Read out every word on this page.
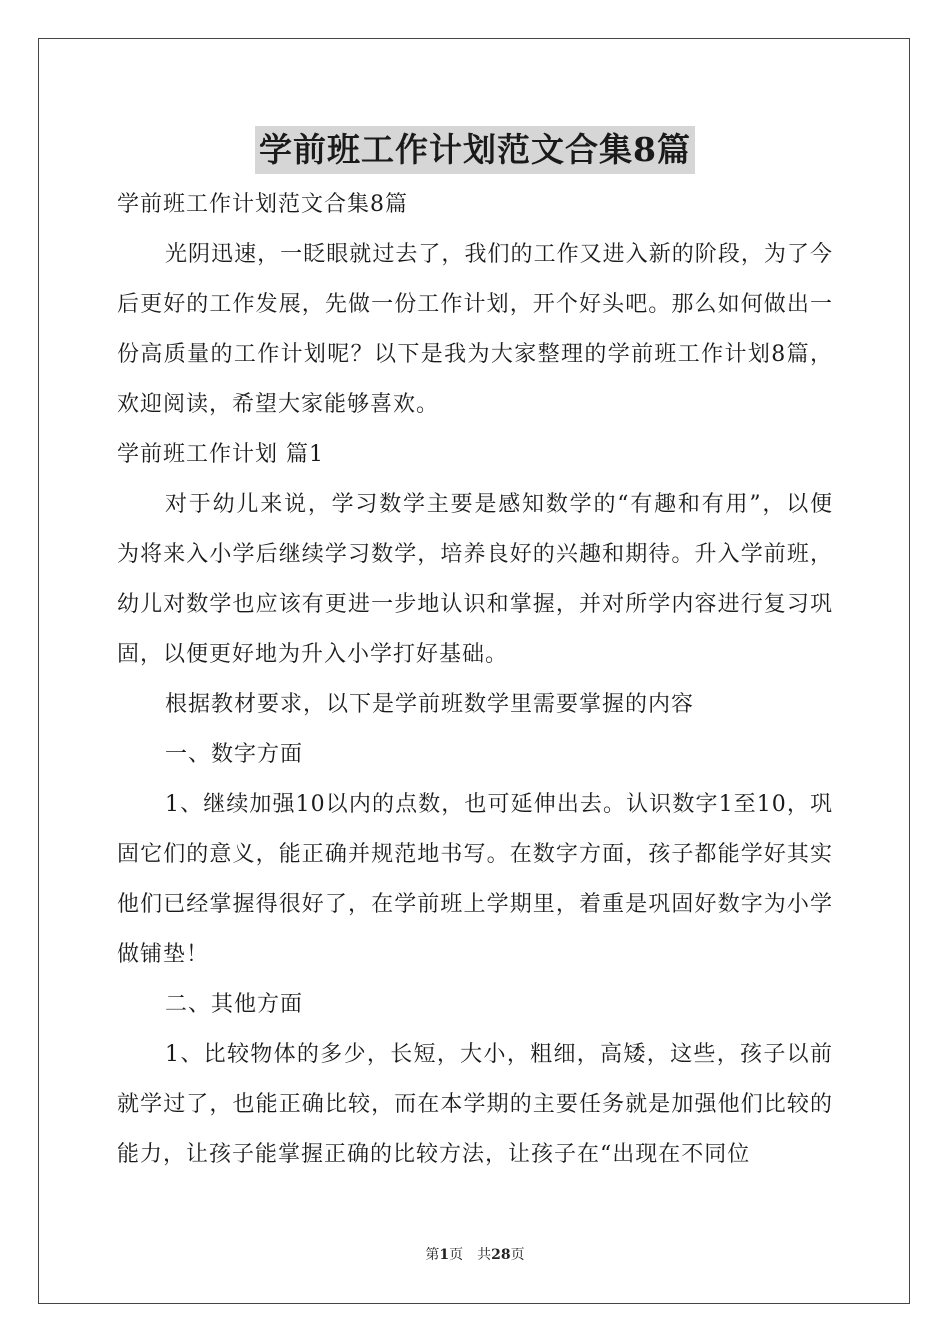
学前班工作计划范文合集8篇

学前班工作计划范文合集8篇

光阴迅速，一眨眼就过去了，我们的工作又进入新的阶段，为了今后更好的工作发展，先做一份工作计划，开个好头吧。那么如何做出一份高质量的工作计划呢？以下是我为大家整理的学前班工作计划8篇，欢迎阅读，希望大家能够喜欢。

学前班工作计划 篇1

对于幼儿来说，学习数学主要是感知数学的“有趣和有用”，以便为将来入小学后继续学习数学，培养良好的兴趣和期待。升入学前班，幼儿对数学也应该有更进一步地认识和掌握，并对所学内容进行复习巩固，以便更好地为升入小学打好基础。

根据教材要求，以下是学前班数学里需要掌握的内容

一、数字方面

1、继续加强10以内的点数，也可延伸出去。认识数字1至10，巩固它们的意义，能正确并规范地书写。在数字方面，孩子都能学好其实他们已经掌握得很好了，在学前班上学期里，着重是巩固好数字为小学做铺垫！

二、其他方面

1、比较物体的多少，长短，大小，粗细，高矮，这些，孩子以前就学过了，也能正确比较，而在本学期的主要任务就是加强他们比较的能力，让孩子能掌握正确的比较方法，让孩子在“出现在不同位

第1页　共28页
